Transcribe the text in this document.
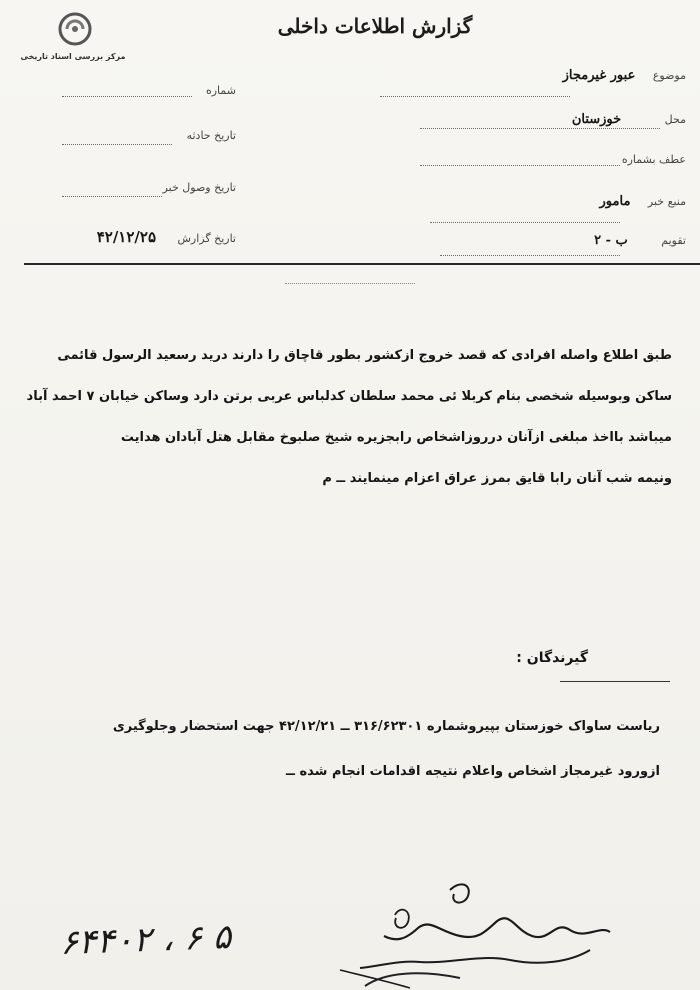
مرکز بررسی اسناد تاریخی
گزارش اطلاعات داخلی
موضوع عبور غیرمجاز
محل خوزستان
عطف بشماره
منبع خبر مامور
تقویم ب - ۲
شماره
تاریخ حادثه
تاریخ وصول خبر
تاریخ گزارش ۴۲/۱۲/۲۵
طبق اطلاع واصله افرادی که قصد خروج ازکشور بطور قاچاق را دارند درید رسعید الرسول قائمی
ساکن وبوسیله شخصی بنام کربلا ئی محمد سلطان کدلباس عربی برتن دارد وساکن خیابان ۷ احمد آباد
میباشد بااخذ مبلغی ازآنان درروزاشخاص رابجزیره شیخ صلبوخ مقابل هتل آبادان هدایت
ونیمه شب آنان رابا قایق بمرز عراق اعزام مینمایند ــ م
گیرندگان :
ریاست ساواک خوزستان بپیروشماره ۳۱۶/۶۲۳۰۱ ــ ۴۲/۱۲/۲۱ جهت استحضار وجلوگیری
ازورود غیرمجاز اشخاص واعلام نتیجه اقدامات انجام شده ــ
۶۴۴۰۲ ، ۶ ۵
